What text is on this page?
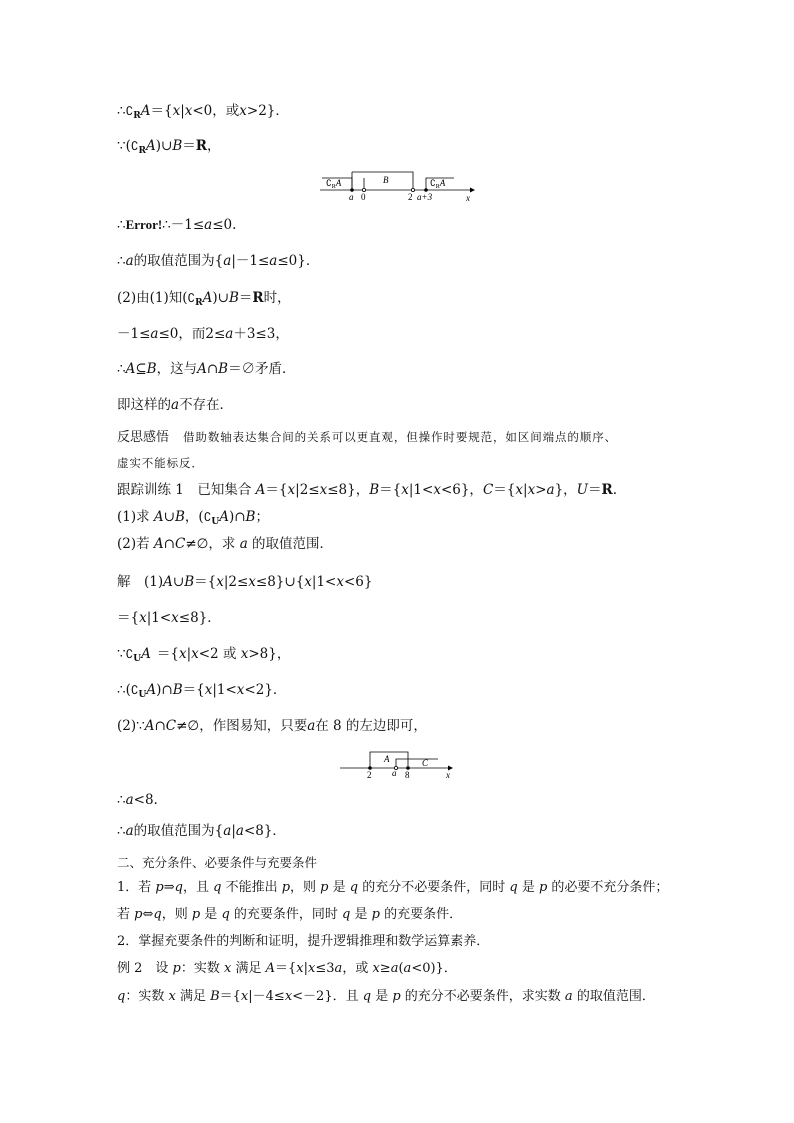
$\therefore∁_RA=\{x|x<0$，或x>2}．
$\because(∁_RA)\cup B=R$，
$∁_RA$	B	$∁_RA$
a 0	2 a+3	x
∴Error!∴－1≤a≤0.
∴a的取值范围为{a|－1≤a≤0}．
(2)由(1)知$(∁_RA)\cup B=R$时，
－1≤a≤0，而2≤a＋3≤3，
∴A⊆B，这与A∩B＝∅矛盾．
即这样的a不存在．
反思感悟 借助数轴表达集合间的关系可以更直观，但操作时要规范，如区间端点的顺序、
虚实不能标反．
跟踪训练 1　已知集合 A＝{x|2≤x≤8}，B＝{x|1<x<6}，C＝{x|x>a}，U＝R.
(1)求 A∪B，$(∁_UA)\cap B$；
(2)若 A∩C≠∅，求 a 的取值范围．
解　(1)A∪B＝{x|2≤x≤8}∪{x|1<x<6}
＝{x|1<x≤8}．
$\because∁_UA =\{x|x<2$ 或 x>8}，
$\therefore(∁_UA)\cap B=\{x|1<x<2\}$．
(2)∵A∩C≠∅，作图易知，只要a在 8 的左边即可，
A	C
2 a 8	x
∴a<8.
∴a的取值范围为{a|a<8}．
二、充分条件、必要条件与充要条件
1．若 p⇒q，且 q 不能推出 p，则 p 是 q 的充分不必要条件，同时 q 是 p 的必要不充分条件；
若 p⇔q，则 p 是 q 的充要条件，同时 q 是 p 的充要条件．
2．掌握充要条件的判断和证明，提升逻辑推理和数学运算素养．
例 2　设 p：实数 x 满足 A＝{x|x≤3a，或 x≥a(a<0)}．
q：实数 x 满足 B＝{x|－4≤x<－2}．且 q 是 p 的充分不必要条件，求实数 a 的取值范围．
